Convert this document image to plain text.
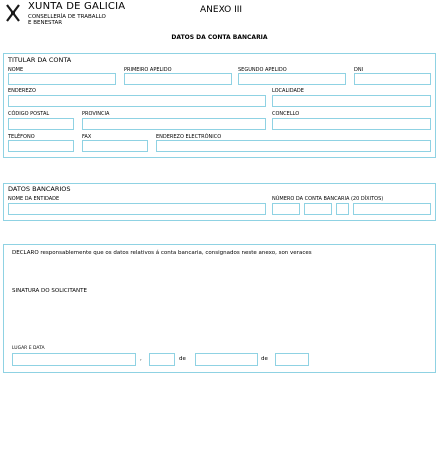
XUNTA DE GALICIA
CONSELLERÍA DE TRABALLO
E BENESTAR
ANEXO III
DATOS DA CONTA BANCARIA
TITULAR DA CONTA
NOME	PRIMEIRO APELIDO	SEGUNDO APELIDO	DNI
ENDEREZO	LOCALIDADE
CÓDIGO POSTAL	PROVINCIA	CONCELLO
TELÉFONO	FAX	ENDEREZO ELECTRÓNICO
DATOS BANCARIOS
NOME DA ENTIDADE	NÚMERO DA CONTA BANCARIA (20 DÍXITOS)
DECLARO responsablemente que os datos relativos á conta bancaria, consignados neste anexo, son veraces
SINATURA DO SOLICITANTE
LUGAR E DATA
,	de	de
